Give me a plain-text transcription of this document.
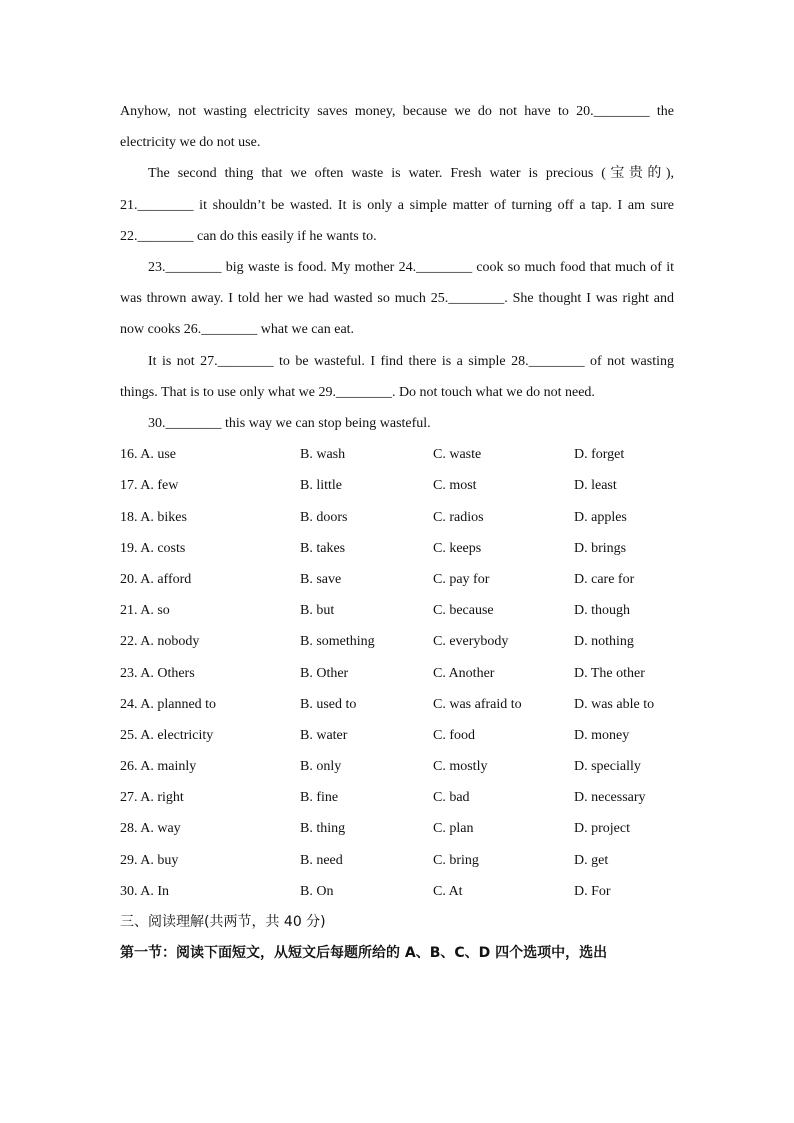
Anyhow, not wasting electricity saves money, because we do not have to 20.________ the electricity we do not use.

The second thing that we often waste is water. Fresh water is precious (宝贵的), 21.________ it shouldn’t be wasted. It is only a simple matter of turning off a tap. I am sure 22.________ can do this easily if he wants to.

23.________ big waste is food. My mother 24.________ cook so much food that much of it was thrown away. I told her we had wasted so much 25.________. She thought I was right and now cooks 26.________ what we can eat.

It is not 27.________ to be wasteful. I find there is a simple 28.________ of not wasting things. That is to use only what we 29.________. Do not touch what we do not need.

30.________ this way we can stop being wasteful.

16. A. use	B. wash	C. waste	D. forget
17. A. few	B. little	C. most	D. least
18. A. bikes	B. doors	C. radios	D. apples
19. A. costs	B. takes	C. keeps	D. brings
20. A. afford	B. save	C. pay for	D. care for
21. A. so	B. but	C. because	D. though
22. A. nobody	B. something	C. everybody	D. nothing
23. A. Others	B. Other	C. Another	D. The other
24. A. planned to	B. used to	C. was afraid to	D. was able to
25. A. electricity	B. water	C. food	D. money
26. A. mainly	B. only	C. mostly	D. specially
27. A. right	B. fine	C. bad	D. necessary
28. A. way	B. thing	C. plan	D. project
29. A. buy	B. need	C. bring	D. get
30. A. In	B. On	C. At	D. For

三、阅读理解(共两节，共 40 分)

第一节：阅读下面短文，从短文后每题所给的 A、B、C、D 四个选项中，选出
